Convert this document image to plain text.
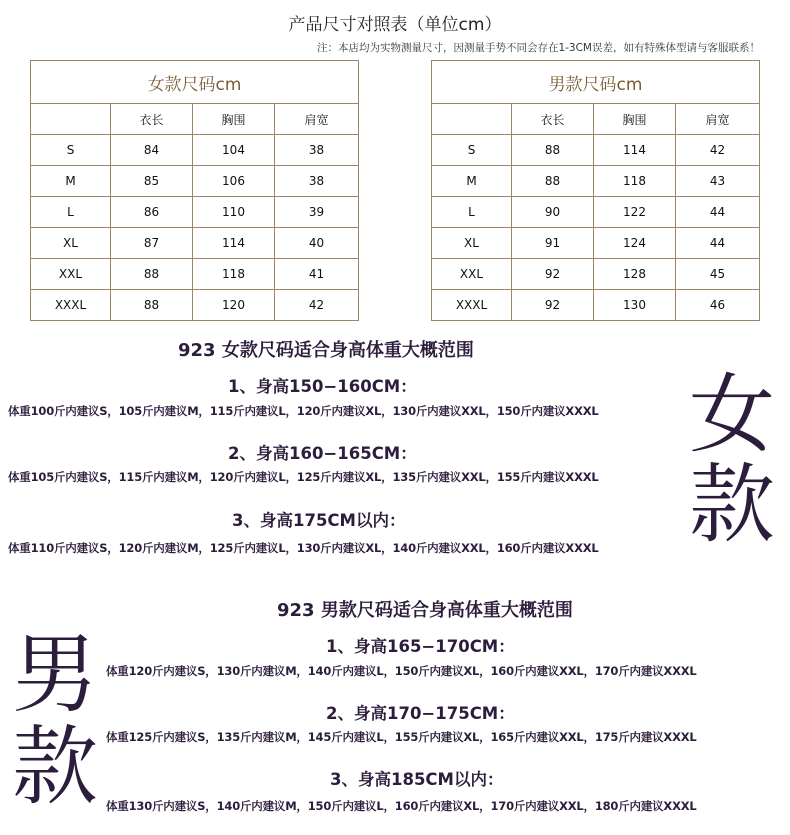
产品尺寸对照表（单位cm）
注：本店均为实物测量尺寸，因测量手势不同会存在1-3CM误差，如有特殊体型请与客服联系！
女款尺码cm			
	衣长	胸围	肩宽
S	84	104	38
M	85	106	38
L	86	110	39
XL	87	114	40
XXL	88	118	41
XXXL	88	120	42
男款尺码cm			
	衣长	胸围	肩宽
S	88	114	42
M	88	118	43
L	90	122	44
XL	91	124	44
XXL	92	128	45
XXXL	92	130	46
923 女款尺码适合身高体重大概范围
1、身高150−160CM：
体重100斤内建议S，105斤内建议M，115斤内建议L，120斤内建议XL，130斤内建议XXL，150斤内建议XXXL
2、身高160−165CM：
体重105斤内建议S，115斤内建议M，120斤内建议L，125斤内建议XL，135斤内建议XXL，155斤内建议XXXL
3、身高175CM以内：
体重110斤内建议S，120斤内建议M，125斤内建议L，130斤内建议XL，140斤内建议XXL，160斤内建议XXXL
女
款
923 男款尺码适合身高体重大概范围
1、身高165−170CM：
体重120斤内建议S，130斤内建议M，140斤内建议L，150斤内建议XL，160斤内建议XXL，170斤内建议XXXL
2、身高170−175CM：
体重125斤内建议S，135斤内建议M，145斤内建议L，155斤内建议XL，165斤内建议XXL，175斤内建议XXXL
3、身高185CM以内：
体重130斤内建议S，140斤内建议M，150斤内建议L，160斤内建议XL，170斤内建议XXL，180斤内建议XXXL
男
款
